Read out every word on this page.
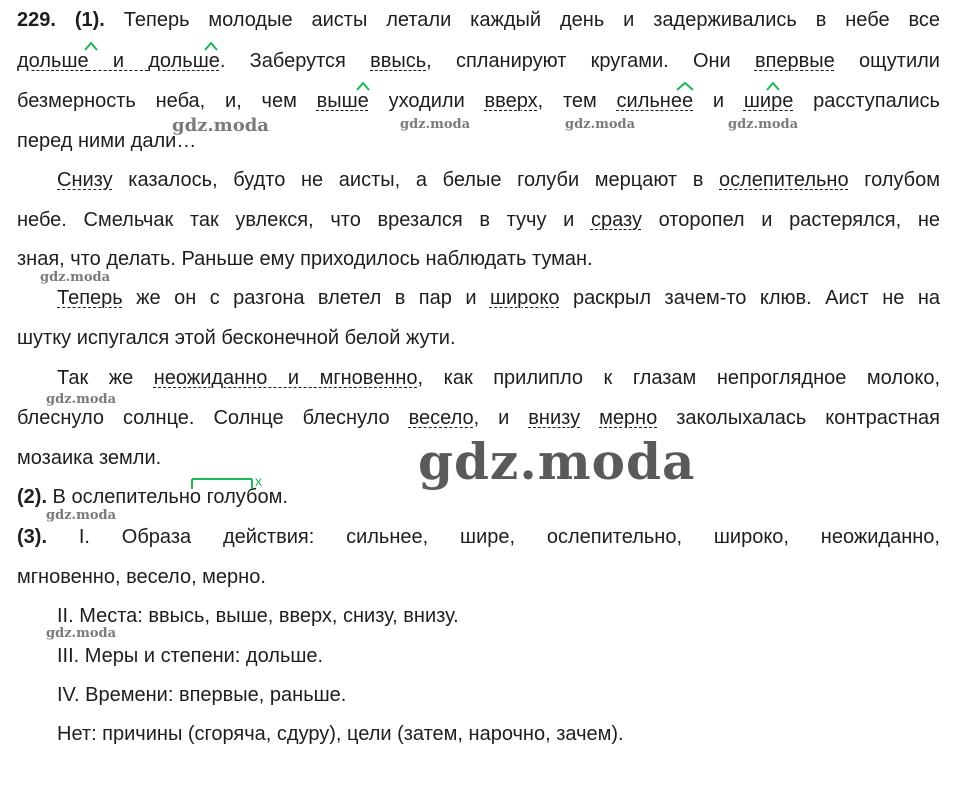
229. (1). Теперь молодые аисты летали каждый день и задерживались в небе все
дольше и дольше. Заберутся ввысь, спланируют кругами. Они впервые ощутили
безмерность неба, и, чем выше уходили вверх, тем сильнее и шире расступались
перед ними дали…
Снизу казалось, будто не аисты, а белые голуби мерцают в ослепительно голубом
небе. Смельчак так увлекся, что врезался в тучу и сразу оторопел и растерялся, не
зная, что делать. Раньше ему приходилось наблюдать туман.
Теперь же он с разгона влетел в пар и широко раскрыл зачем-то клюв. Аист не на
шутку испугался этой бесконечной белой жути.
Так же неожиданно и мгновенно, как прилипло к глазам непроглядное молоко,
блеснуло солнце. Солнце блеснуло весело, и внизу мерно заколыхалась контрастная
мозаика земли.
(2). В ослепительно голубом.
(3). I. Образа действия: сильнее, шире, ослепительно, широко, неожиданно,
мгновенно, весело, мерно.
II. Места: ввысь, выше, вверх, снизу, внизу.
III. Меры и степени: дольше.
IV. Времени: впервые, раньше.
Нет: причины (сгоряча, сдуру), цели (затем, нарочно, зачем).
x
gdz.moda	gdz.moda	gdz.moda	gdz.moda
gdz.moda
gdz.moda
gdz.moda
gdz.moda
gdz.moda
